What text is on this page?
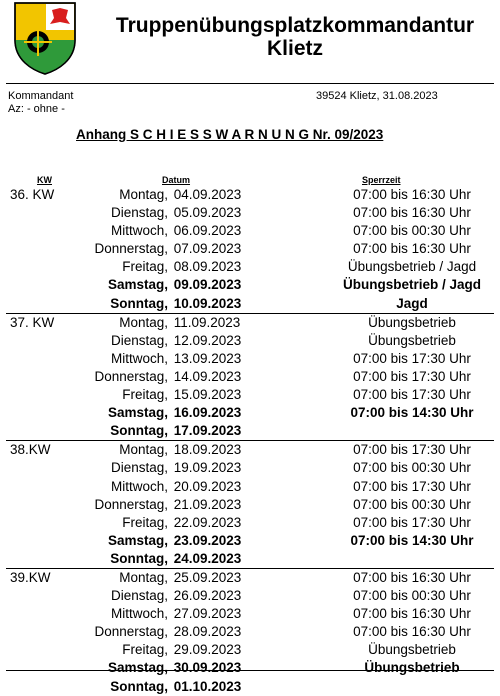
Truppenübungsplatzkommandantur
Klietz
Kommandant
Az: - ohne -
39524 Klietz, 31.08.2023
Anhang S C H I E S S W A R N U N G Nr. 09/2023
KW	Datum	Sperrzeit
36. KW	Montag,	04.09.2023	07:00 bis 16:30 Uhr
	Dienstag,	05.09.2023	07:00 bis 16:30 Uhr
	Mittwoch,	06.09.2023	07:00 bis 00:30 Uhr
	Donnerstag,	07.09.2023	07:00 bis 16:30 Uhr
	Freitag,	08.09.2023	Übungsbetrieb / Jagd
	Samstag,	09.09.2023	Übungsbetrieb / Jagd
	Sonntag,	10.09.2023	Jagd
37. KW	Montag,	11.09.2023	Übungsbetrieb
	Dienstag,	12.09.2023	Übungsbetrieb
	Mittwoch,	13.09.2023	07:00 bis 17:30 Uhr
	Donnerstag,	14.09.2023	07:00 bis 17:30 Uhr
	Freitag,	15.09.2023	07:00 bis 17:30 Uhr
	Samstag,	16.09.2023	07:00 bis 14:30 Uhr
	Sonntag,	17.09.2023	
38.KW	Montag,	18.09.2023	07:00 bis 17:30 Uhr
	Dienstag,	19.09.2023	07:00 bis 00:30 Uhr
	Mittwoch,	20.09.2023	07:00 bis 17:30 Uhr
	Donnerstag,	21.09.2023	07:00 bis 00:30 Uhr
	Freitag,	22.09.2023	07:00 bis 17:30 Uhr
	Samstag,	23.09.2023	07:00 bis 14:30 Uhr
	Sonntag,	24.09.2023	
39.KW	Montag,	25.09.2023	07:00 bis 16:30 Uhr
	Dienstag,	26.09.2023	07:00 bis 00:30 Uhr
	Mittwoch,	27.09.2023	07:00 bis 16:30 Uhr
	Donnerstag,	28.09.2023	07:00 bis 16:30 Uhr
	Freitag,	29.09.2023	Übungsbetrieb
	Samstag,	30.09.2023	Übungsbetrieb
	Sonntag,	01.10.2023	
